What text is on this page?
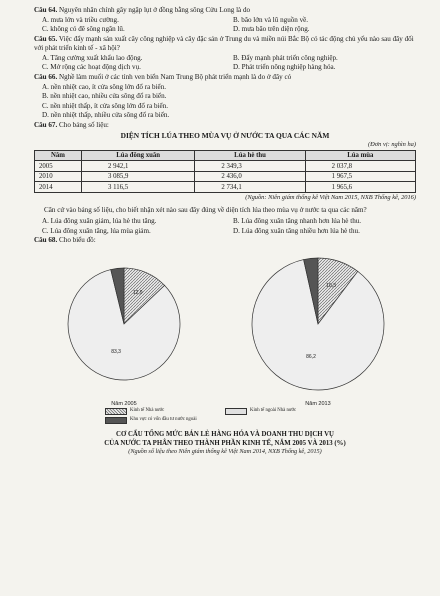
Câu 64. Nguyên nhân chính gây ngập lụt ở đồng bằng sông Cửu Long là do

A. mưa lớn và triều cường.	B. bão lớn và lũ nguồn về.
C. không có đê sông ngăn lũ.	D. mưa bão trên diện rộng.

Câu 65. Việc đẩy mạnh sản xuất cây công nghiệp và cây đặc sản ở Trung du và miền núi Bắc Bộ có tác động chủ yếu nào sau đây đối với phát triển kinh tế - xã hội?

A. Tăng cường xuất khẩu lao động.	B. Đẩy mạnh phát triển công nghiệp.
C. Mở rộng các hoạt động dịch vụ.	D. Phát triển nông nghiệp hàng hóa.

Câu 66. Nghề làm muối ở các tỉnh ven biển Nam Trung Bộ phát triển mạnh là do ở đây có

A. nền nhiệt cao, ít cửa sông lớn đổ ra biển.
B. nền nhiệt cao, nhiều cửa sông đổ ra biển.
C. nền nhiệt thấp, ít cửa sông lớn đổ ra biển.
D. nền nhiệt thấp, nhiều cửa sông đổ ra biển.

Câu 67. Cho bảng số liệu:

DIỆN TÍCH LÚA THEO MÙA VỤ Ở NƯỚC TA QUA CÁC NĂM
(Đơn vị: nghìn ha)
Năm	Lúa đông xuân	Lúa hè thu	Lúa mùa
2005	2 942,1	2 349,3	2 037,8
2010	3 085,9	2 436,0	1 967,5
2014	3 116,5	2 734,1	1 965,6
(Nguồn: Niên giám thống kê Việt Nam 2015, NXB Thống kê, 2016)

Căn cứ vào bảng số liệu, cho biết nhận xét nào sau đây đúng về diện tích lúa theo mùa vụ ở nước ta qua các năm?

A. Lúa đông xuân giảm, lúa hè thu tăng.	B. Lúa đông xuân tăng nhanh hơn lúa hè thu.
C. Lúa đông xuân tăng, lúa mùa giảm.	D. Lúa đông xuân tăng nhiều hơn lúa hè thu.

Câu 68. Cho biểu đồ:

12,9
83,3
Năm 2005
10,3
86,2
Năm 2013
Kinh tế Nhà nước	Kinh tế ngoài Nhà nước
Khu vực có vốn đầu tư nước ngoài
CƠ CẤU TỔNG MỨC BÁN LẺ HÀNG HÓA VÀ DOANH THU DỊCH VỤ
CỦA NƯỚC TA PHÂN THEO THÀNH PHẦN KINH TẾ, NĂM 2005 VÀ 2013 (%)
(Nguồn số liệu theo Niên giám thống kê Việt Nam 2014, NXB Thống kê, 2015)
